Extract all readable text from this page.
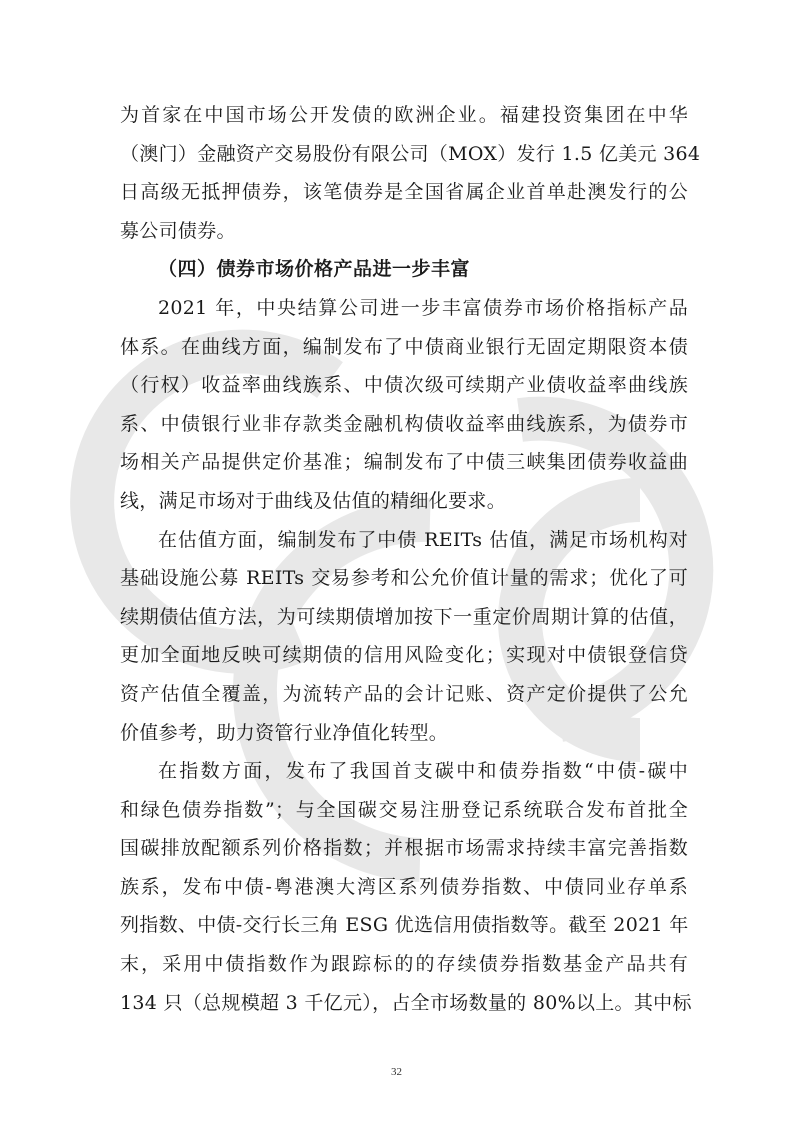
为首家在中国市场公开发债的欧洲企业。福建投资集团在中华
（澳门）金融资产交易股份有限公司（MOX）发行 1.5 亿美元 364
日高级无抵押债券，该笔债券是全国省属企业首单赴澳发行的公
募公司债券。
（四）债券市场价格产品进一步丰富
2021 年，中央结算公司进一步丰富债券市场价格指标产品
体系。在曲线方面，编制发布了中债商业银行无固定期限资本债
（行权）收益率曲线族系、中债次级可续期产业债收益率曲线族
系、中债银行业非存款类金融机构债收益率曲线族系，为债券市
场相关产品提供定价基准；编制发布了中债三峡集团债券收益曲
线，满足市场对于曲线及估值的精细化要求。
在估值方面，编制发布了中债 REITs 估值，满足市场机构对
基础设施公募 REITs 交易参考和公允价值计量的需求；优化了可
续期债估值方法，为可续期债增加按下一重定价周期计算的估值，
更加全面地反映可续期债的信用风险变化；实现对中债银登信贷
资产估值全覆盖，为流转产品的会计记账、资产定价提供了公允
价值参考，助力资管行业净值化转型。
在指数方面，发布了我国首支碳中和债券指数“中债-碳中
和绿色债券指数”；与全国碳交易注册登记系统联合发布首批全
国碳排放配额系列价格指数；并根据市场需求持续丰富完善指数
族系，发布中债-粤港澳大湾区系列债券指数、中债同业存单系
列指数、中债-交行长三角 ESG 优选信用债指数等。截至 2021 年
末，采用中债指数作为跟踪标的的存续债券指数基金产品共有
134 只（总规模超 3 千亿元），占全市场数量的 80%以上。其中标
32
